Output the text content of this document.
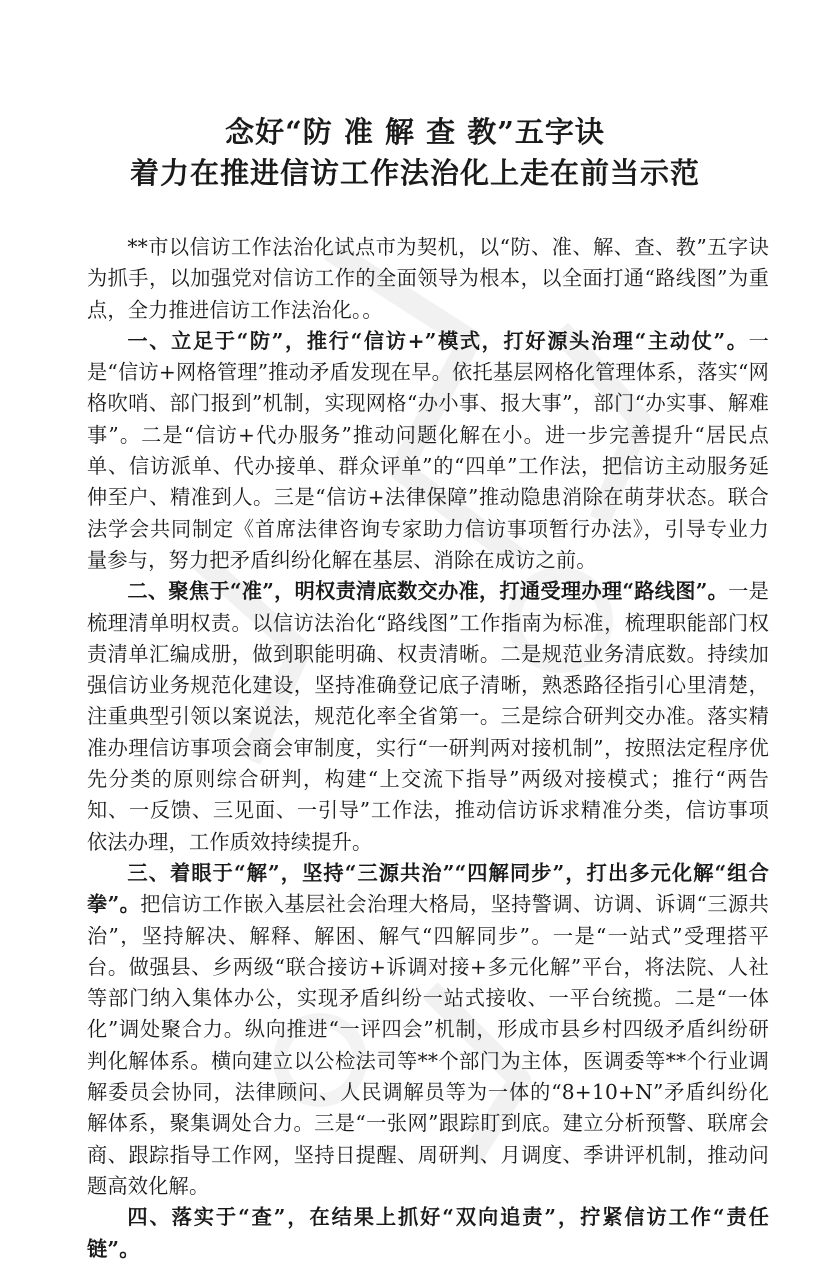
念好“防 准 解 查 教”五字诀
着力在推进信访工作法治化上走在前当示范

**市以信访工作法治化试点市为契机，以“防、准、解、查、教”五字诀为抓手，以加强党对信访工作的全面领导为根本，以全面打通“路线图”为重点，全力推进信访工作法治化。。

一、立足于“防”，推行“信访+”模式，打好源头治理“主动仗”。一是“信访+网格管理”推动矛盾发现在早。依托基层网格化管理体系，落实“网格吹哨、部门报到”机制，实现网格“办小事、报大事”，部门“办实事、解难事”。二是“信访+代办服务”推动问题化解在小。进一步完善提升“居民点单、信访派单、代办接单、群众评单”的“四单”工作法，把信访主动服务延伸至户、精准到人。三是“信访+法律保障”推动隐患消除在萌芽状态。联合法学会共同制定《首席法律咨询专家助力信访事项暂行办法》，引导专业力量参与，努力把矛盾纠纷化解在基层、消除在成访之前。

二、聚焦于“准”，明权责清底数交办准，打通受理办理“路线图”。一是梳理清单明权责。以信访法治化“路线图”工作指南为标准，梳理职能部门权责清单汇编成册，做到职能明确、权责清晰。二是规范业务清底数。持续加强信访业务规范化建设，坚持准确登记底子清晰，熟悉路径指引心里清楚，注重典型引领以案说法，规范化率全省第一。三是综合研判交办准。落实精准办理信访事项会商会审制度，实行“一研判两对接机制”，按照法定程序优先分类的原则综合研判，构建“上交流下指导”两级对接模式；推行“两告知、一反馈、三见面、一引导”工作法，推动信访诉求精准分类，信访事项依法办理，工作质效持续提升。

三、着眼于“解”，坚持“三源共治”“四解同步”，打出多元化解“组合拳”。把信访工作嵌入基层社会治理大格局，坚持警调、访调、诉调“三源共治”，坚持解决、解释、解困、解气“四解同步”。一是“一站式”受理搭平台。做强县、乡两级“联合接访+诉调对接+多元化解”平台，将法院、人社等部门纳入集体办公，实现矛盾纠纷一站式接收、一平台统揽。二是“一体化”调处聚合力。纵向推进“一评四会”机制，形成市县乡村四级矛盾纠纷研判化解体系。横向建立以公检法司等**个部门为主体，医调委等**个行业调解委员会协同，法律顾问、人民调解员等为一体的“8+10+N”矛盾纠纷化解体系，聚集调处合力。三是“一张网”跟踪盯到底。建立分析预警、联席会商、跟踪指导工作网，坚持日提醒、周研判、月调度、季讲评机制，推动问题高效化解。

四、落实于“查”，在结果上抓好“双向追责”，拧紧信访工作“责任链”。
